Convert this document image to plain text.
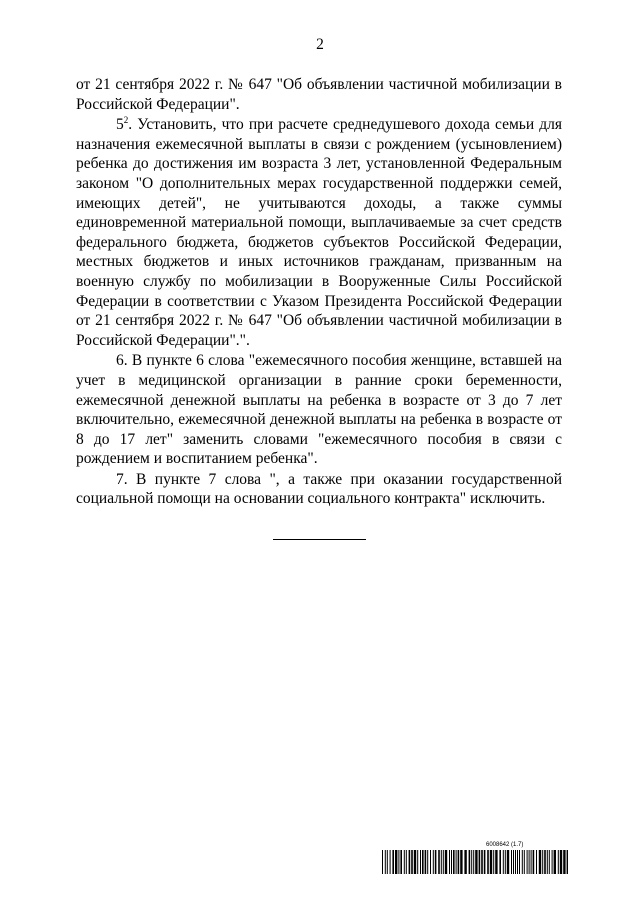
2

от 21 сентября 2022 г. № 647 "Об объявлении частичной мобилизации в Российской Федерации".

$5^2$. Установить, что при расчете среднедушевого дохода семьи для назначения ежемесячной выплаты в связи с рождением (усыновлением) ребенка до достижения им возраста 3 лет, установленной Федеральным законом "О дополнительных мерах государственной поддержки семей, имеющих детей", не учитываются доходы, а также суммы единовременной материальной помощи, выплачиваемые за счет средств федерального бюджета, бюджетов субъектов Российской Федерации, местных бюджетов и иных источников гражданам, призванным на военную службу по мобилизации в Вооруженные Силы Российской Федерации в соответствии с Указом Президента Российской Федерации от 21 сентября 2022 г. № 647 "Об объявлении частичной мобилизации в Российской Федерации".".

6. В пункте 6 слова "ежемесячного пособия женщине, вставшей на учет в медицинской организации в ранние сроки беременности, ежемесячной денежной выплаты на ребенка в возрасте от 3 до 7 лет включительно, ежемесячной денежной выплаты на ребенка в возрасте от 8 до 17 лет" заменить словами "ежемесячного пособия в связи с рождением и воспитанием ребенка".

7. В пункте 7 слова ", а также при оказании государственной социальной помощи на основании социального контракта" исключить.

6008642 (1.7)
